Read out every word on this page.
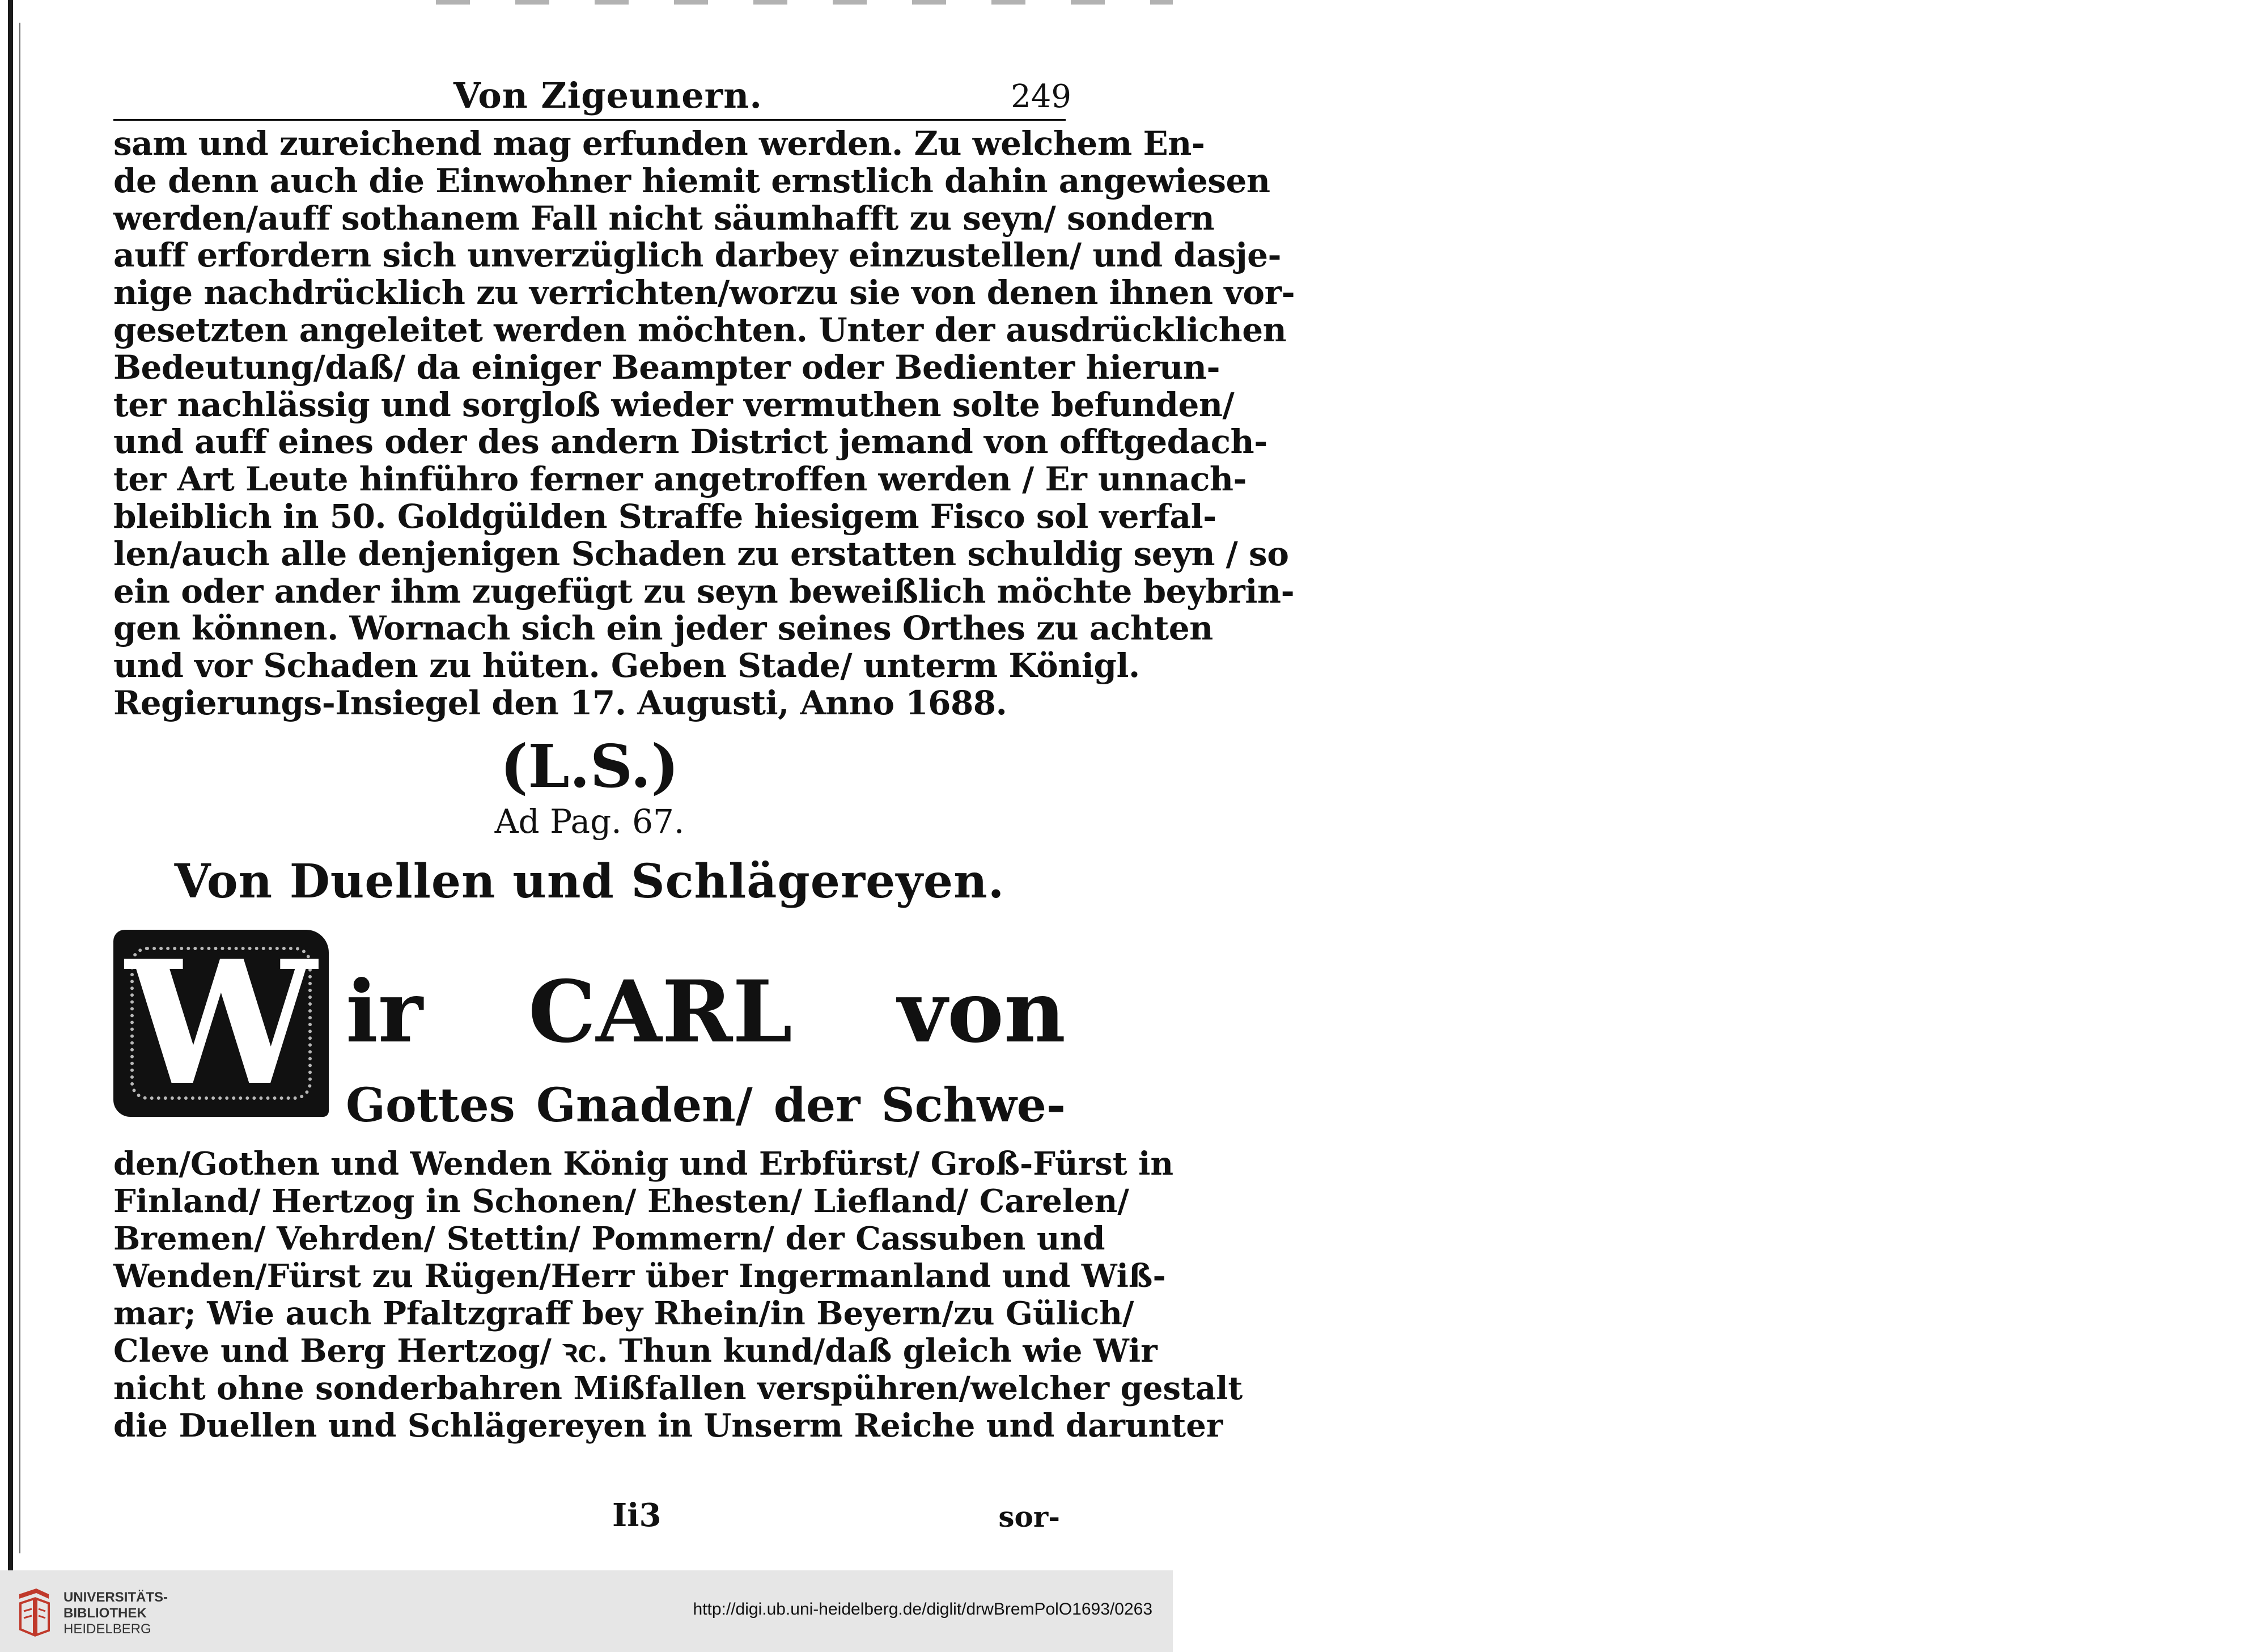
Von Zigeunern.	249
sam und zureichend mag erfunden werden. Zu welchem En-
de denn auch die Einwohner hiemit ernstlich dahin angewiesen
werden/auff sothanem Fall nicht säumhafft zu seyn/ sondern
auff erfordern sich unverzüglich darbey einzustellen/ und dasje-
nige nachdrücklich zu verrichten/worzu sie von denen ihnen vor-
gesetzten angeleitet werden möchten. Unter der ausdrücklichen
Bedeutung/daß/ da einiger Beampter oder Bedienter hierun-
ter nachlässig und sorgloß wieder vermuthen solte befunden/
und auff eines oder des andern District jemand von offtgedach-
ter Art Leute hinführo ferner angetroffen werden / Er unnach-
bleiblich in 50. Goldgülden Straffe hiesigem Fisco sol verfal-
len/auch alle denjenigen Schaden zu erstatten schuldig seyn / so
ein oder ander ihm zugefügt zu seyn beweißlich möchte beybrin-
gen können. Wornach sich ein jeder seines Orthes zu achten
und vor Schaden zu hüten. Geben Stade/ unterm Königl.
Regierungs-Insiegel den 17. Augusti, Anno 1688.
(L.S.)
Ad Pag. 67.
Von Duellen und Schlägereyen.
W ir CARL von
Gottes Gnaden/ der Schwe-
den/Gothen und Wenden König und Erbfürst/ Groß-Fürst in
Finland/ Hertzog in Schonen/ Ehesten/ Liefland/ Carelen/
Bremen/ Vehrden/ Stettin/ Pommern/ der Cassuben und
Wenden/Fürst zu Rügen/Herr über Ingermanland und Wiß-
mar; Wie auch Pfaltzgraff bey Rhein/in Beyern/zu Gülich/
Cleve und Berg Hertzog/ ꝛc. Thun kund/daß gleich wie Wir
nicht ohne sonderbahren Mißfallen verspühren/welcher gestalt
die Duellen und Schlägereyen in Unserm Reiche und darunter
Ii3	sor-
UNIVERSITÄTS-
BIBLIOTHEK
HEIDELBERG
http://digi.ub.uni-heidelberg.de/diglit/drwBremPolO1693/0263
